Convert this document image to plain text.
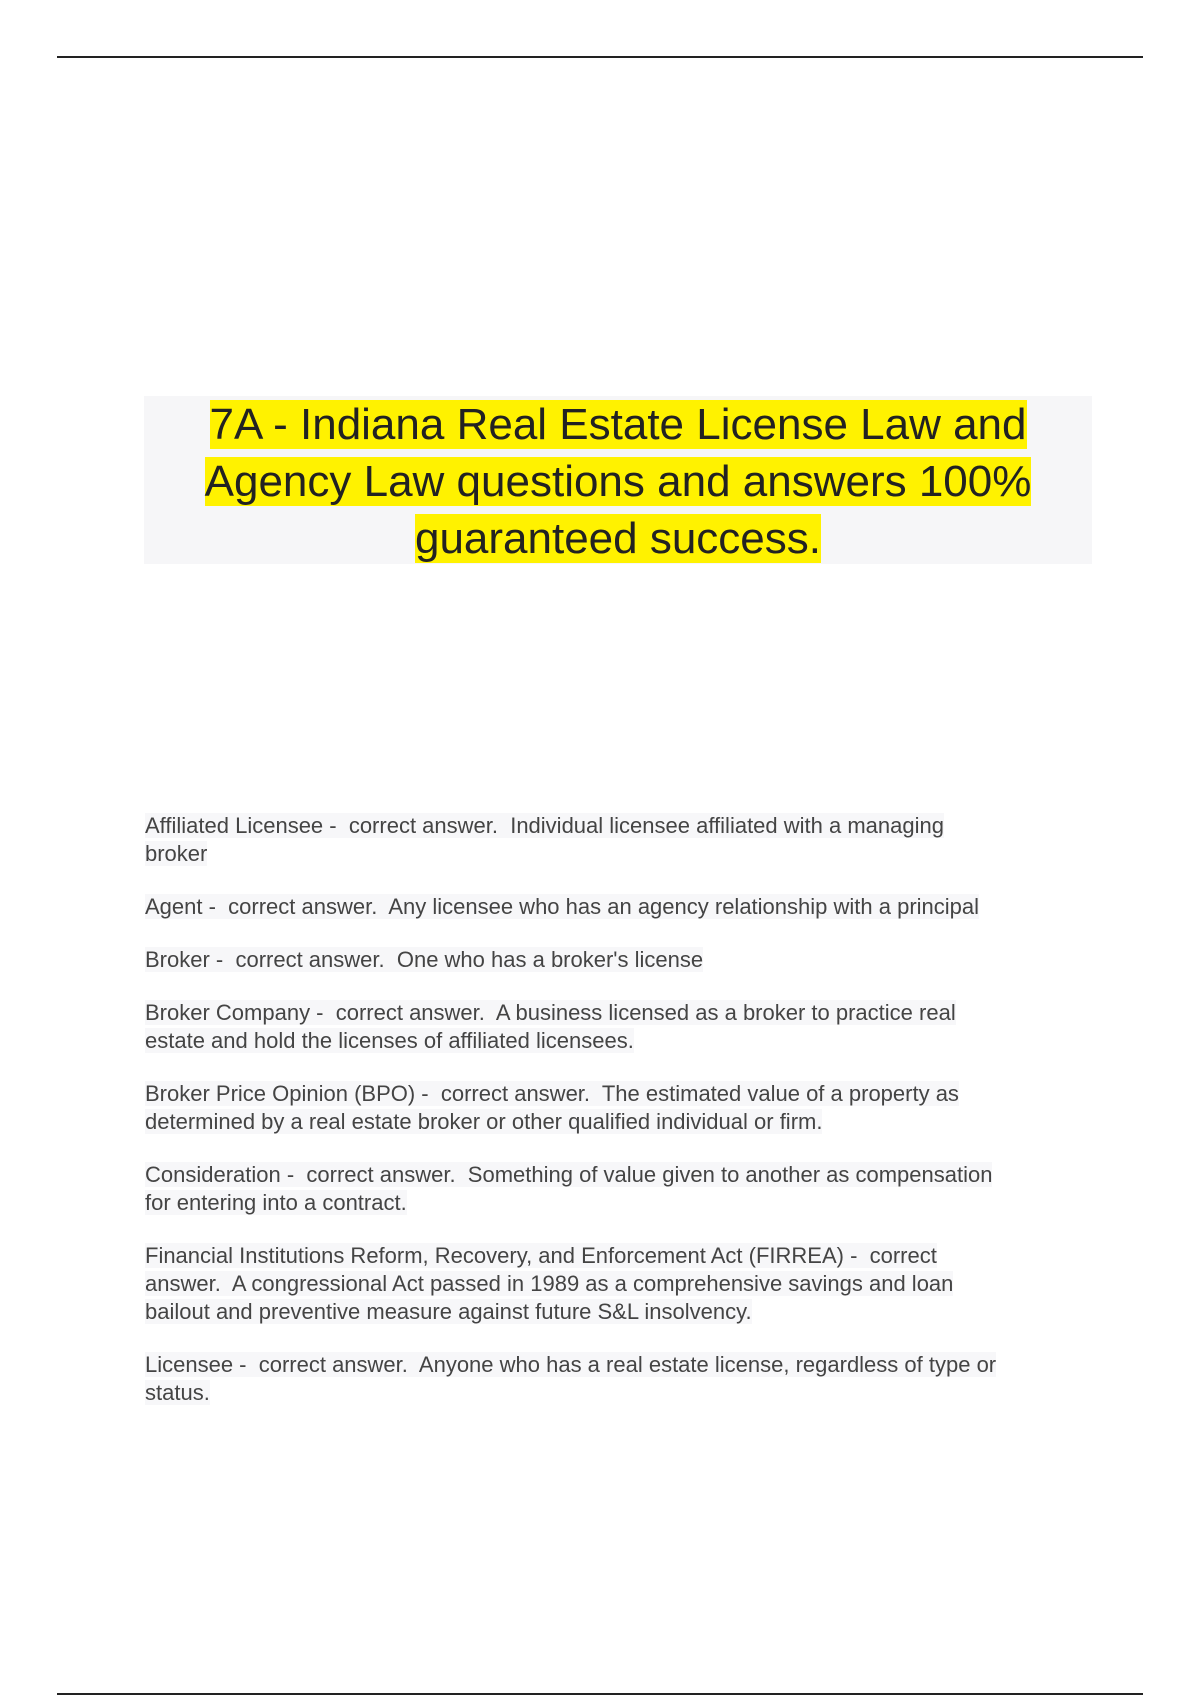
7A - Indiana Real Estate License Law and
Agency Law questions and answers 100%
guaranteed success.
Affiliated Licensee -  correct answer.  Individual licensee affiliated with a managing
broker
Agent -  correct answer.  Any licensee who has an agency relationship with a principal
Broker -  correct answer.  One who has a broker's license
Broker Company -  correct answer.  A business licensed as a broker to practice real
estate and hold the licenses of affiliated licensees.
Broker Price Opinion (BPO) -  correct answer.  The estimated value of a property as
determined by a real estate broker or other qualified individual or firm.
Consideration -  correct answer.  Something of value given to another as compensation
for entering into a contract.
Financial Institutions Reform, Recovery, and Enforcement Act (FIRREA) -  correct
answer.  A congressional Act passed in 1989 as a comprehensive savings and loan
bailout and preventive measure against future S&L insolvency.
Licensee -  correct answer.  Anyone who has a real estate license, regardless of type or
status.
